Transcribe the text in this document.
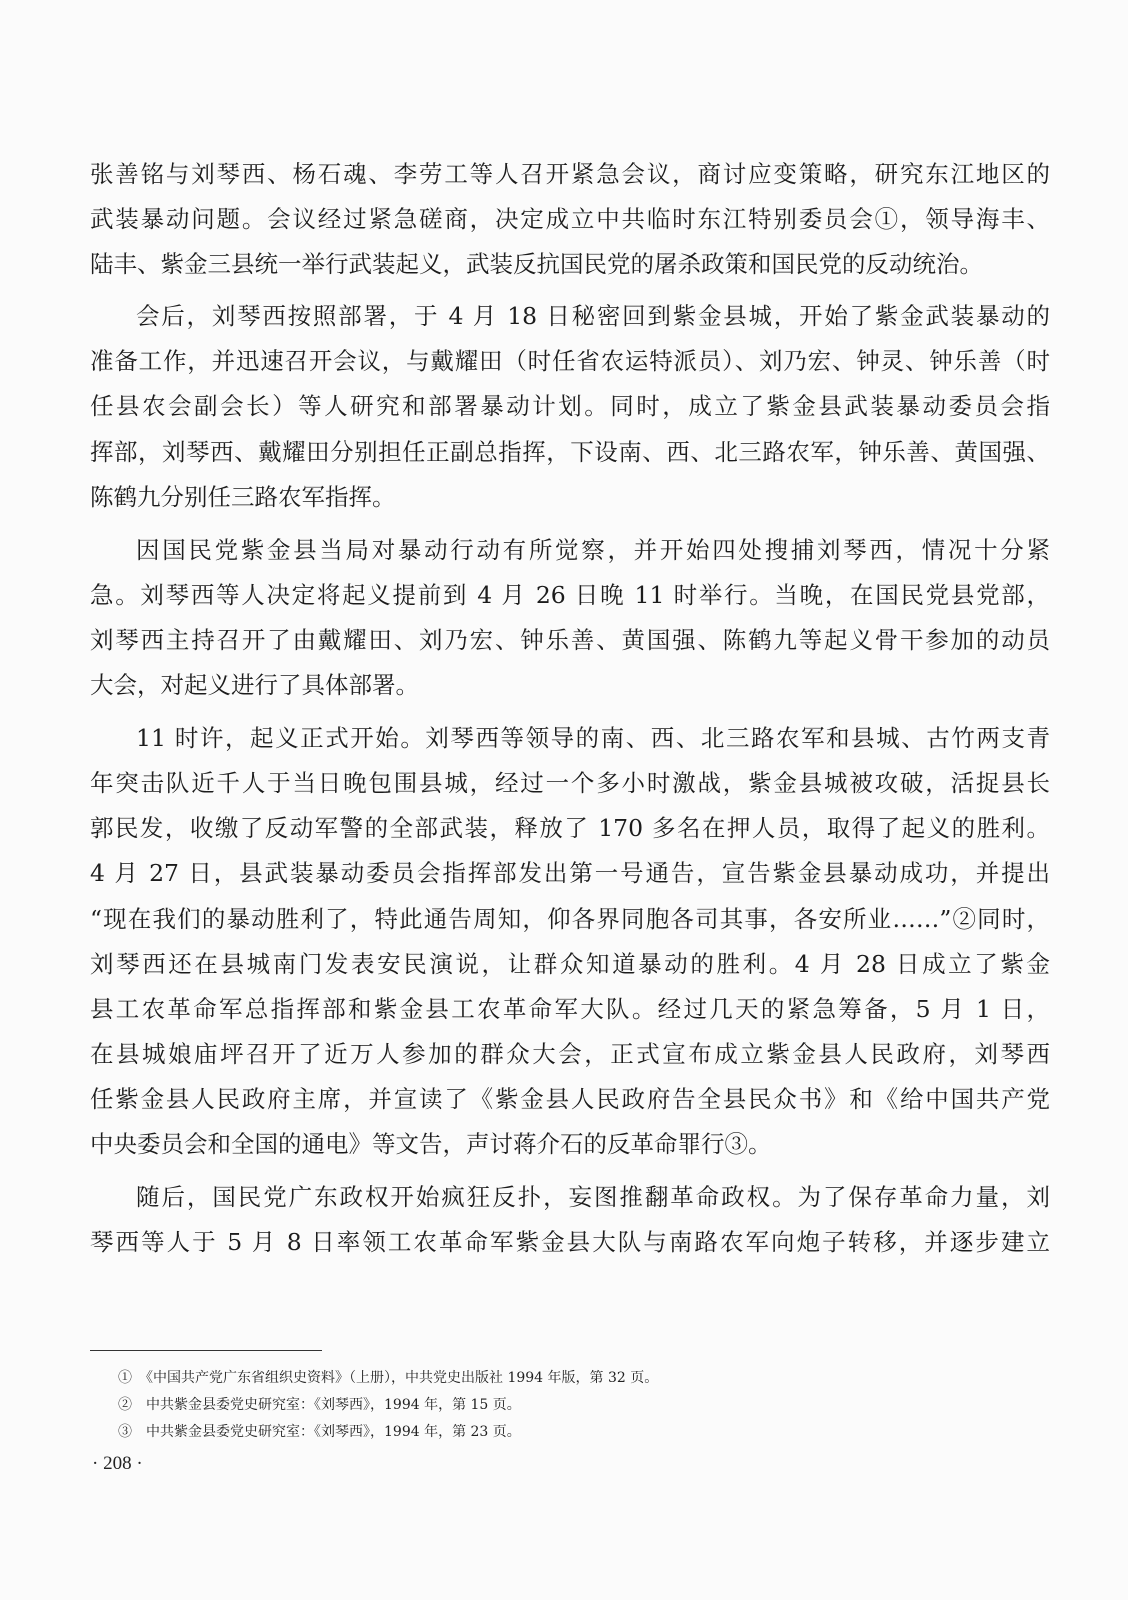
张善铭与刘琴西、杨石魂、李劳工等人召开紧急会议，商讨应变策略，研究东江地区的
武装暴动问题。会议经过紧急磋商，决定成立中共临时东江特别委员会①，领导海丰、
陆丰、紫金三县统一举行武装起义，武装反抗国民党的屠杀政策和国民党的反动统治。
会后，刘琴西按照部署，于 4 月 18 日秘密回到紫金县城，开始了紫金武装暴动的
准备工作，并迅速召开会议，与戴耀田（时任省农运特派员）、刘乃宏、钟灵、钟乐善（时
任县农会副会长）等人研究和部署暴动计划。同时，成立了紫金县武装暴动委员会指
挥部，刘琴西、戴耀田分别担任正副总指挥，下设南、西、北三路农军，钟乐善、黄国强、
陈鹤九分别任三路农军指挥。
因国民党紫金县当局对暴动行动有所觉察，并开始四处搜捕刘琴西，情况十分紧
急。刘琴西等人决定将起义提前到 4 月 26 日晚 11 时举行。当晚，在国民党县党部，
刘琴西主持召开了由戴耀田、刘乃宏、钟乐善、黄国强、陈鹤九等起义骨干参加的动员
大会，对起义进行了具体部署。
11 时许，起义正式开始。刘琴西等领导的南、西、北三路农军和县城、古竹两支青
年突击队近千人于当日晚包围县城，经过一个多小时激战，紫金县城被攻破，活捉县长
郭民发，收缴了反动军警的全部武装，释放了 170 多名在押人员，取得了起义的胜利。
4 月 27 日，县武装暴动委员会指挥部发出第一号通告，宣告紫金县暴动成功，并提出
“现在我们的暴动胜利了，特此通告周知，仰各界同胞各司其事，各安所业……”②同时，
刘琴西还在县城南门发表安民演说，让群众知道暴动的胜利。4 月 28 日成立了紫金
县工农革命军总指挥部和紫金县工农革命军大队。经过几天的紧急筹备，5 月 1 日，
在县城娘庙坪召开了近万人参加的群众大会，正式宣布成立紫金县人民政府，刘琴西
任紫金县人民政府主席，并宣读了《紫金县人民政府告全县民众书》和《给中国共产党
中央委员会和全国的通电》等文告，声讨蒋介石的反革命罪行③。
随后，国民党广东政权开始疯狂反扑，妄图推翻革命政权。为了保存革命力量，刘
琴西等人于 5 月 8 日率领工农革命军紫金县大队与南路农军向炮子转移，并逐步建立
①　《中国共产党广东省组织史资料》（上册），中共党史出版社 1994 年版，第 32 页。
②　中共紫金县委党史研究室：《刘琴西》，1994 年，第 15 页。
③　中共紫金县委党史研究室：《刘琴西》，1994 年，第 23 页。
· 208 ·
